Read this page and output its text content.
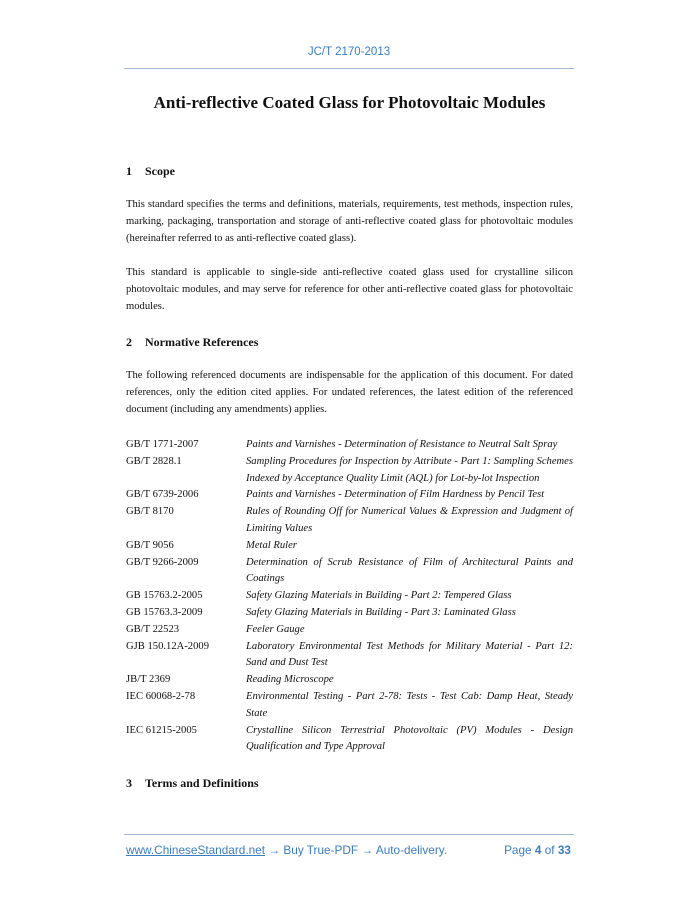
JC/T 2170-2013
Anti-reflective Coated Glass for Photovoltaic Modules
1 Scope

This standard specifies the terms and definitions, materials, requirements, test methods, inspection rules, marking, packaging, transportation and storage of anti-reflective coated glass for photovoltaic modules (hereinafter referred to as anti-reflective coated glass).

This standard is applicable to single-side anti-reflective coated glass used for crystalline silicon photovoltaic modules, and may serve for reference for other anti-reflective coated glass for photovoltaic modules.

2 Normative References

The following referenced documents are indispensable for the application of this document. For dated references, only the edition cited applies. For undated references, the latest edition of the referenced document (including any amendments) applies.

GB/T 1771-2007	Paints and Varnishes - Determination of Resistance to Neutral Salt Spray
GB/T 2828.1	Sampling Procedures for Inspection by Attribute - Part 1: Sampling Schemes Indexed by Acceptance Quality Limit (AQL) for Lot-by-lot Inspection
GB/T 6739-2006	Paints and Varnishes - Determination of Film Hardness by Pencil Test
GB/T 8170	Rules of Rounding Off for Numerical Values & Expression and Judgment of Limiting Values
GB/T 9056	Metal Ruler
GB/T 9266-2009	Determination of Scrub Resistance of Film of Architectural Paints and Coatings
GB 15763.2-2005	Safety Glazing Materials in Building - Part 2: Tempered Glass
GB 15763.3-2009	Safety Glazing Materials in Building - Part 3: Laminated Glass
GB/T 22523	Feeler Gauge
GJB 150.12A-2009	Laboratory Environmental Test Methods for Military Material - Part 12: Sand and Dust Test
JB/T 2369	Reading Microscope
IEC 60068-2-78	Environmental Testing - Part 2-78: Tests - Test Cab: Damp Heat, Steady State
IEC 61215-2005	Crystalline Silicon Terrestrial Photovoltaic (PV) Modules - Design Qualification and Type Approval
3 Terms and Definitions
www.ChineseStandard.net → Buy True-PDF → Auto-delivery.	Page 4 of 33
